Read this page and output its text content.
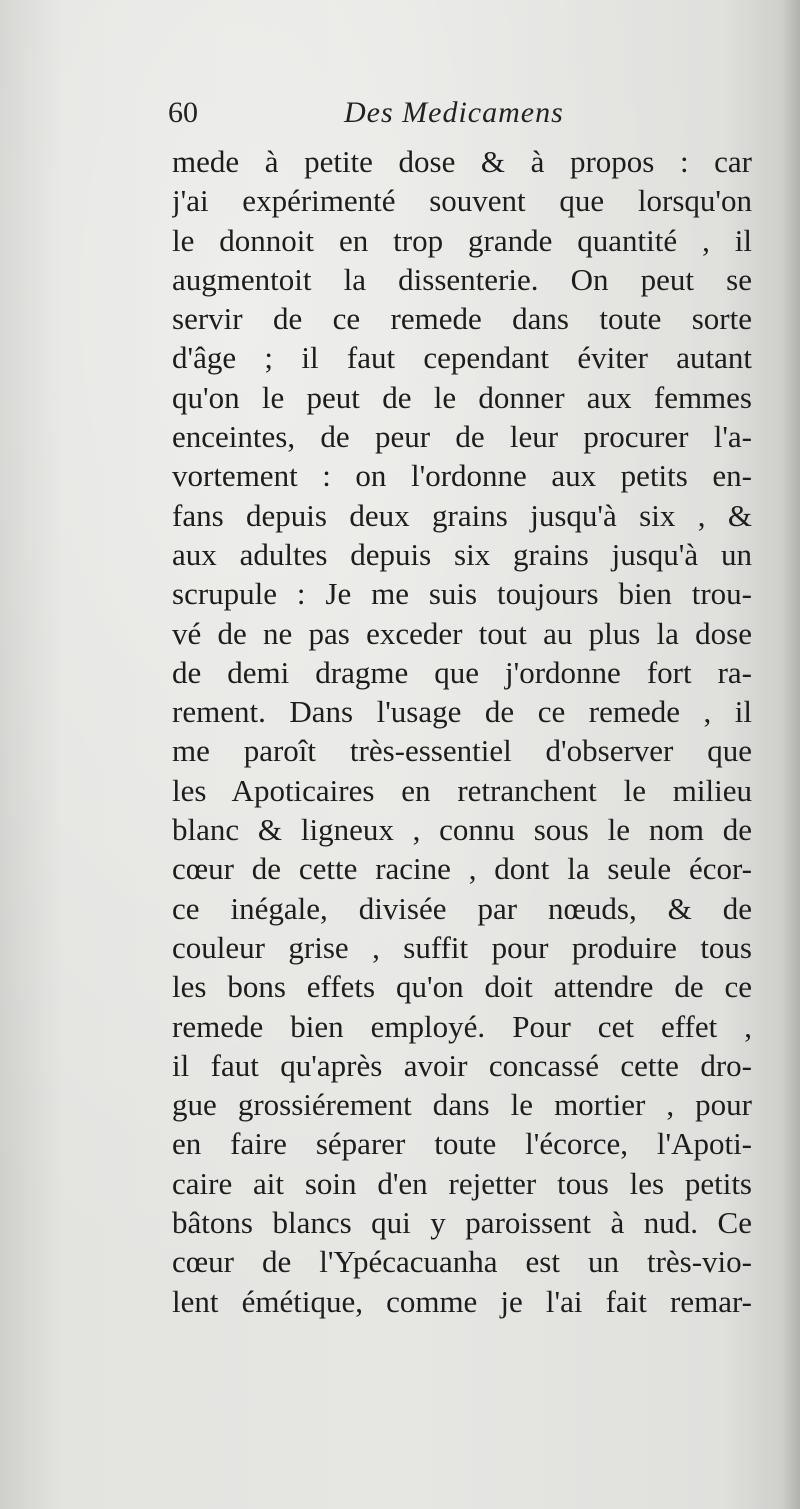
60	Des Medicamens
mede à petite dose & à propos : car
j'ai expérimenté souvent que lorsqu'on
le donnoit en trop grande quantité , il
augmentoit la dissenterie. On peut se
servir de ce remede dans toute sorte
d'âge ; il faut cependant éviter autant
qu'on le peut de le donner aux femmes
enceintes, de peur de leur procurer l'a-
vortement : on l'ordonne aux petits en-
fans depuis deux grains jusqu'à six , &
aux adultes depuis six grains jusqu'à un
scrupule : Je me suis toujours bien trou-
vé de ne pas exceder tout au plus la dose
de demi dragme que j'ordonne fort ra-
rement. Dans l'usage de ce remede , il
me paroît très-essentiel d'observer que
les Apoticaires en retranchent le milieu
blanc & ligneux , connu sous le nom de
cœur de cette racine , dont la seule écor-
ce inégale, divisée par nœuds, & de
couleur grise , suffit pour produire tous
les bons effets qu'on doit attendre de ce
remede bien employé. Pour cet effet ,
il faut qu'après avoir concassé cette dro-
gue grossiérement dans le mortier , pour
en faire séparer toute l'écorce, l'Apoti-
caire ait soin d'en rejetter tous les petits
bâtons blancs qui y paroissent à nud. Ce
cœur de l'Ypécacuanha est un très-vio-
lent émétique, comme je l'ai fait remar-
